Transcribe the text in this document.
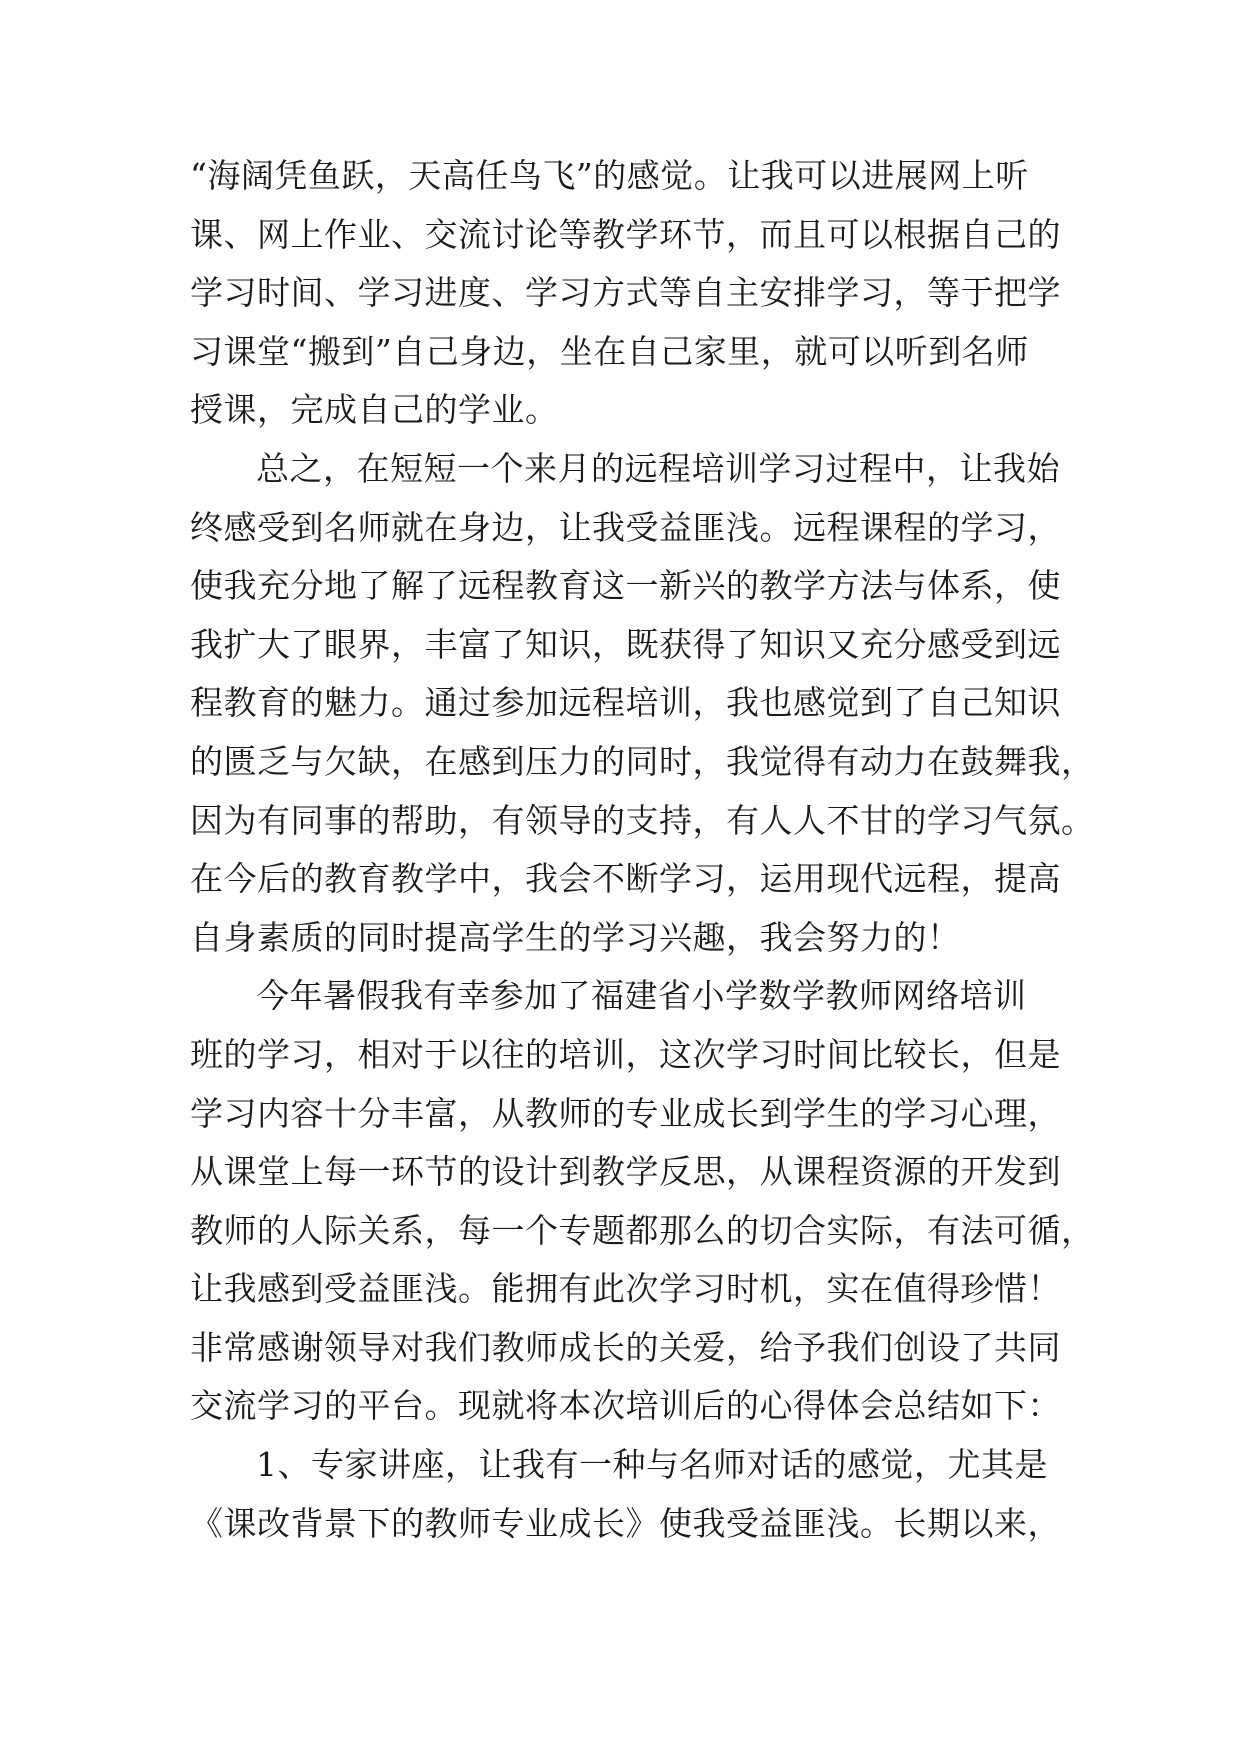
“海阔凭鱼跃，天高任鸟飞”的感觉。让我可以进展网上听
课、网上作业、交流讨论等教学环节，而且可以根据自己的
学习时间、学习进度、学习方式等自主安排学习，等于把学
习课堂“搬到”自己身边，坐在自己家里，就可以听到名师
授课，完成自己的学业。
总之，在短短一个来月的远程培训学习过程中，让我始
终感受到名师就在身边，让我受益匪浅。远程课程的学习，
使我充分地了解了远程教育这一新兴的教学方法与体系，使
我扩大了眼界，丰富了知识，既获得了知识又充分感受到远
程教育的魅力。通过参加远程培训，我也感觉到了自己知识
的匮乏与欠缺，在感到压力的同时，我觉得有动力在鼓舞我，
因为有同事的帮助，有领导的支持，有人人不甘的学习气氛。
在今后的教育教学中，我会不断学习，运用现代远程，提高
自身素质的同时提高学生的学习兴趣，我会努力的！
今年暑假我有幸参加了福建省小学数学教师网络培训
班的学习，相对于以往的培训，这次学习时间比较长，但是
学习内容十分丰富，从教师的专业成长到学生的学习心理，
从课堂上每一环节的设计到教学反思，从课程资源的开发到
教师的人际关系，每一个专题都那么的切合实际，有法可循，
让我感到受益匪浅。能拥有此次学习时机，实在值得珍惜！
非常感谢领导对我们教师成长的关爱，给予我们创设了共同
交流学习的平台。现就将本次培训后的心得体会总结如下：
1、专家讲座，让我有一种与名师对话的感觉，尤其是
《课改背景下的教师专业成长》使我受益匪浅。长期以来，
